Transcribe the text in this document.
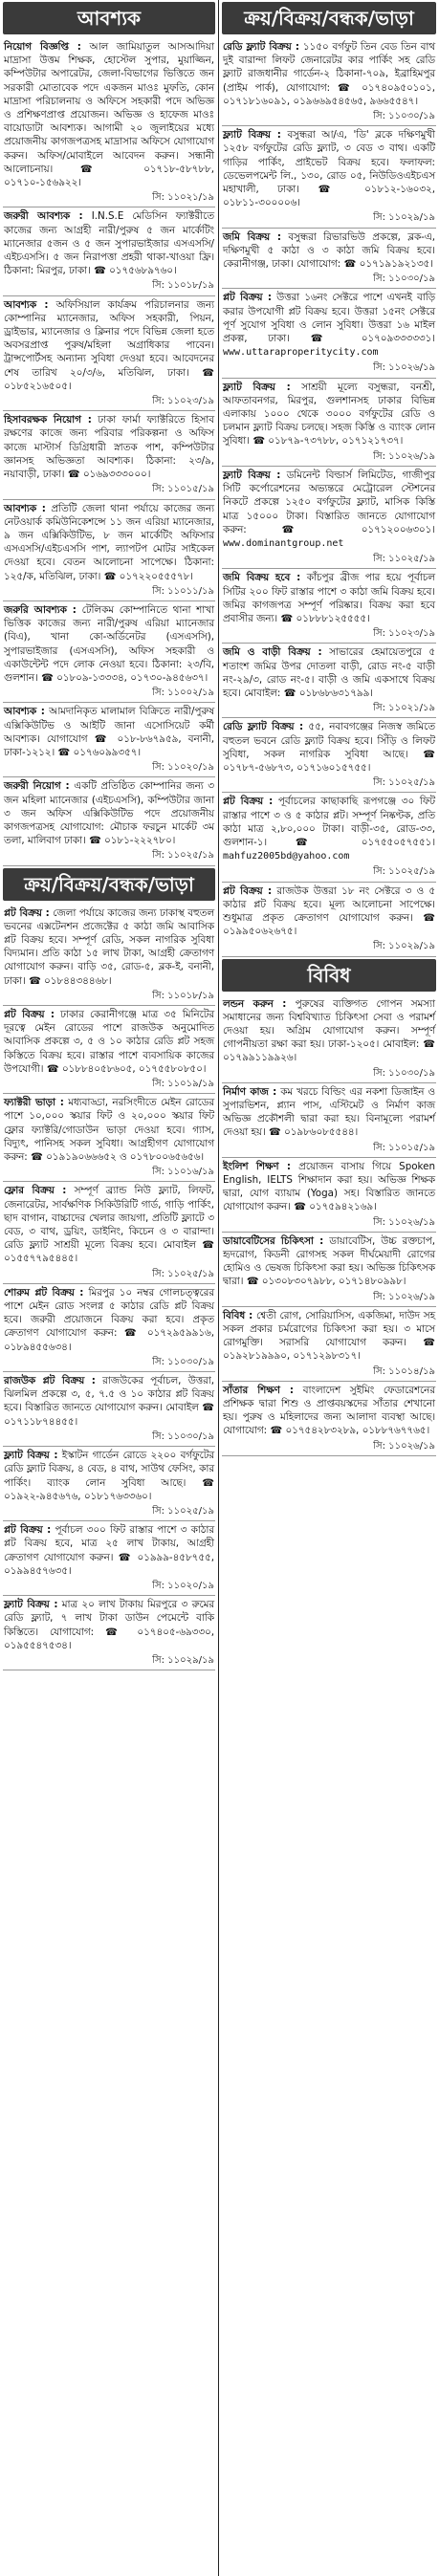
আবশ্যক
নিয়োগ বিজ্ঞপ্তি : আল জামিয়াতুল আসআদিয়া মাদ্রাসা উত্তম শিক্ষক, হোস্টেল সুপার, মুয়াজ্জিন, কম্পিউটার অপারেটর, জেলা-বিভাগের ভিত্তিতে জন সরকারী মোতাবেক পদে একজন মাওঃ মুফতি, কোন মাদ্রাসা পরিচালনায় ও অফিসে সহকারী পদে অভিজ্ঞ ও প্রশিক্ষণপ্রাপ্ত প্রয়োজন। অভিজ্ঞ ও হাফেজ মাওঃ বায়োডাটা আবশ্যক। আগামী ২০ জুলাইয়ের মধ্যে প্রয়োজনীয় কাগজপত্রসহ মাদ্রাসার অফিসে যোগাযোগ করুন। অফিস/মোবাইলে আবেদন করুন। সন্ধানী আলোচনায়। ☎ ০১৭১৮-৫৮৭৮৮, ০১৭১০-১৫৬৯২২।
সি: ১১০২১/১৯
জরুরী আবশ্যক : I.N.S.E মেডিসিন ফ্যাক্টরীতে কাজের জন্য আগ্রহী নারী/পুরুষ ৫ জন মার্কেটিং ম্যানেজার ৫জন ও ৫ জন সুপারভাইজার এসএসসি/এইচএসসি। ৫ জন নিরাপত্তা প্রহরী থাকা-খাওয়া ফ্রি। ঠিকানা: মিরপুর, ঢাকা। ☎ ০১৭৫৬৮৯৭৬০।
সি: ১১০১৮/১৯
আবশ্যক : অফিসিয়াল কার্যক্রম পরিচালনার জন্য কোম্পানির ম্যানেজার, অফিস সহকারী, পিয়ন, ড্রাইভার, ম্যানেজার ও ক্লিনার পদে বিভিন্ন জেলা হতে অবসরপ্রাপ্ত পুরুষ/মহিলা অগ্রাধিকার পাবেন। ট্রান্সপোর্টসহ অন্যান্য সুবিধা দেওয়া হবে। আবেদনের শেষ তারিখ ২০/৩/৬, মতিঝিল, ঢাকা। ☎ ০১৮৫২১৬৫০৫।
সি: ১১০২৩/১৯
হিসাবরক্ষক নিয়োগ : ঢাকা ফার্মা ফ্যাক্টরিতে হিসাব রক্ষণের কাজে জন্য পরিবার পরিকল্পনা ও অফিস কাজে মাস্টার্স ডিগ্রিধারী স্নাতক পাশ, কম্পিউটার জ্ঞানসহ অভিজ্ঞতা আবশ্যক। ঠিকানা: ২৩/৯, নয়াবাড়ী, ঢাকা। ☎ ০১৬৯৩৩৩০০০।
সি: ১১০১৫/১৯
আবশ্যক : প্রতিটি জেলা থানা পর্যায়ে কাজের জন্য নেটওয়ার্ক কমিউনিকেশন্সে ১১ জন এরিয়া ম্যানেজার, ৯ জন এক্সিকিউটিভ, ৮ জন মার্কেটিং অফিসার এসএসসি/এইচএসসি পাশ, ল্যাপটপ মোটর সাইকেল দেওয়া হবে। বেতন আলোচনা সাপেক্ষে। ঠিকানা: ১২৫/ক, মতিঝিল, ঢাকা। ☎ ০১৭২২০৫৫৫৭৮।
সি: ১১০১১/১৯
জরুরি আবশ্যক : টেলিকম কোম্পানিতে থানা শাখা ভিত্তিক কাজের জন্য নারী/পুরুষ এরিয়া ম্যানেজার (বিএ), খানা কো-অর্ডিনেটর (এসএসসি), সুপারভাইজার (এসএসসি), অফিস সহকারী ও একাউন্টেন্ট পদে লোক নেওয়া হবে। ঠিকানা: ২৩/বি, গুলশান। ☎ ০১৮০৯-১৩৩৩৪, ০১৭৩০-৯৪৫৬৩৭।
সি: ১১০০২/১৯
আবশ্যক : আমদানিকৃত মালামাল বিক্রিতে নারী/পুরুষ এক্সিকিউটিভ ও আইটি জানা এসোসিয়েট কর্মী আবশ্যক। যোগাযোগ ☎ ০১৮-৮৬৭৯৫৯, বনানী, ঢাকা-১২১২। ☎ ০১৭৬০৯৯৩৫৭।
সি: ১১০২০/১৯
জরুরী নিয়োগ : একটি প্রতিষ্ঠিত কোম্পানির জন্য ৩ জন মহিলা ম্যানেজার (এইচএসসি), কম্পিউটার জানা ৩ জন অফিস এক্সিকিউটিভ পদে প্রয়োজনীয় কাগজপত্রসহ যোগাযোগ: মৌচাক ফরচুন মার্কেট ৩ম তলা, মালিবাগ ঢাকা। ☎ ০১৮১-২২২৭৮০।
সি: ১১০২৫/১৯
ক্রয়/বিক্রয়/বন্ধক/ভাড়া
প্লট বিক্রয় : জেলা পর্যায়ে কাজের জন্য ঢাকাস্থ বহুতল ভবনের এক্সটেনশন প্রজেক্টের ৫ কাঠা জমি আবাসিক প্লট বিক্রয় হবে। সম্পূর্ণ রেডি, সকল নাগরিক সুবিধা বিদ্যমান। প্রতি কাঠা ১৫ লাখ টাকা, আগ্রহী ক্রেতাগণ যোগাযোগ করুন। বাড়ি ৩৫, রোড-৫, ব্লক-ই, বনানী, ঢাকা। ☎ ০১৮৪৪৩৪৪৬৮।
সি: ১১০১৮/১৯
প্লট বিক্রয় : ঢাকার কেরানীগঞ্জে মাত্র ৩৫ মিনিটের দূরত্বে মেইন রোডের পাশে রাজউক অনুমোদিত আবাসিক প্রকল্পে ৩, ৫ ও ১০ কাঠার রেডি প্লট সহজ কিস্তিতে বিক্রয় হবে। রাস্তার পাশে ব্যবসায়িক কাজের উপযোগী। ☎ ০১৮৮৪০৫৮৬০৫, ০১৭৫৫৮০৮৫০।
সি: ১১০১৯/১৯
ফ্যাক্টরী ভাড়া : মধ্যবাড্ডা, নরসিংদীতে মেইন রোডের পাশে ১০,০০০ স্কয়ার ফিট ও ২০,০০০ স্কয়ার ফিট ফ্লোর ফ্যাক্টরি/গোডাউন ভাড়া দেওয়া হবে। গ্যাস, বিদ্যুৎ, পানিসহ সকল সুবিধা। আগ্রহীগণ যোগাযোগ করুন: ☎ ০১৯১৯০৬৬৬৫২ ও ০১৭৮০০৬৫৬৫৬।
সি: ১১০১৬/১৯
ফ্লোর বিক্রয় : সম্পূর্ণ ব্র্যান্ড নিউ ফ্ল্যাট, লিফট, জেনারেটর, সার্বক্ষণিক সিকিউরিটি গার্ড, গাড়ি পার্কিং, ছাদ বাগান, বাচ্চাদের খেলার জায়গা, প্রতিটি ফ্ল্যাটে ৩ বেড, ৩ বাথ, ড্রয়িং, ডাইনিং, কিচেন ও ৩ বারান্দা। রেডি ফ্ল্যাট সাশ্রয়ী মূল্যে বিক্রয় হবে। মোবাইল ☎ ০১৫৫৭৭৯৫৪৪৫।
সি: ১১০২৫/১৯
শোরুম প্লট বিক্রয় : মিরপুর ১০ নম্বর গোলচত্ত্বরের পাশে মেইন রোড সংলগ্ন ৫ কাঠার রেডি প্লট বিক্রয় হবে। জরুরী প্রয়োজনে বিক্রয় করা হবে। প্রকৃত ক্রেতাগণ যোগাযোগ করুন: ☎ ০১৭২৯৫৯৯১৬, ০১৮৯৪৫৫৬৩৪।
সি: ১১০৩০/১৯
রাজউক প্লট বিক্রয় : রাজউকের পূর্বাচল, উত্তরা, ঝিলমিল প্রকল্পে ৩, ৫, ৭.৫ ও ১০ কাঠার প্লট বিক্রয় হবে। বিস্তারিত জানতে যোগাযোগ করুন। মোবাইল ☎ ০১৭১১৮৭৪৪৫৫।
সি: ১১০৩০/১৯
ফ্ল্যাট বিক্রয় : ইস্কাটন গার্ডেন রোডে ২২০০ বর্গফুটের রেডি ফ্ল্যাট বিক্রয়, ৪ বেড, ৪ বাথ, সাউথ ফেসিং, কার পার্কিং। ব্যাংক লোন সুবিধা আছে। ☎ ০১৯২২-৯৪৫৬৭৬, ০১৮১৭৬৩৩৬০।
সি: ১১০২৫/১৯
প্লট বিক্রয় : পূর্বাচল ৩০০ ফিট রাস্তার পাশে ৩ কাঠার প্লট বিক্রয় হবে, মাত্র ২৫ লাখ টাকায়, আগ্রহী ক্রেতাগণ যোগাযোগ করুন। ☎ ০১৯৯৯-৪৫৮৭৫৫, ০১৯৯৪৫৭৬৩৫।
সি: ১১০২০/১৯
ফ্ল্যাট বিক্রয় : মাত্র ২০ লাখ টাকায় মিরপুরে ৩ রুমের রেডি ফ্ল্যাট, ৭ লাখ টাকা ডাউন পেমেন্টে বাকি কিস্তিতে। যোগাযোগ: ☎ ০১৭৪০৫-৬৯৩৩০, ০১৯৫৫৪৭৫৩৪।
সি: ১১০২৯/১৯
ক্রয়/বিক্রয়/বন্ধক/ভাড়া
রেডি ফ্ল্যাট বিক্রয় : ১১৫০ বর্গফুট তিন বেড তিন বাথ দুই বারান্দা লিফট জেনারেটর কার পার্কিং সহ রেডি ফ্ল্যাট রাজধানীর গার্ডেন-২ ঠিকানা-৭০৯, ইব্রাহিমপুর (প্রাইম পার্ক), যোগাযোগ: ☎ ০১৭৪০৯৫০১০১, ০১৭১৮১৬০৯১, ০১৯৬৬৯৫৪৫৬৫, ৯৬৬৫৫৪৭।
সি: ১১০৩০/১৯
ফ্ল্যাট বিক্রয় : বসুন্ধরা আ/এ, 'ডি' ব্লকে দক্ষিণমুখী ১২৫৮ বর্গফুটের রেডি ফ্ল্যাট, ৩ বেড ৩ বাথ। একটি গাড়ির পার্কিং, প্রাইভেট বিক্রয় হবে। ফলাফল: ডেভেলপমেন্ট লি., ১৩০, রোড ০৫, নিউডিওএইচএস মহাখালী, ঢাকা। ☎ ০১৮১২-১৬০৩২, ০১৮১১-৩০০০০৬।
সি: ১১০২৯/১৯
জমি বিক্রয় : বসুন্ধরা রিভারভিউ প্রকল্পে, ব্লক-এ, দক্ষিণমুখী ৫ কাঠা ও ৩ কাঠা জমি বিক্রয় হবে। কেরানীগঞ্জ, ঢাকা। যোগাযোগ: ☎ ০১৭১৯১৯২১৩৫।
সি: ১১০৩০/১৯
প্লট বিক্রয় : উত্তরা ১৬নং সেক্টরে পাশে এখনই বাড়ি করার উপযোগী প্লট বিক্রয় হবে। উত্তরা ১৫নং সেক্টরে পূর্ণ সুযোগ সুবিধা ও লোন সুবিধা। উত্তরা ১৬ মাইল প্রকল্প, ঢাকা। ☎ ০১৭০৯৩৩৩৩৩১। www.uttaraproperitycity.com
সি: ১১০২৬/১৯
ফ্ল্যাট বিক্রয় : সাশ্রয়ী মূল্যে বসুন্ধরা, বনশ্রী, আফতাবনগর, মিরপুর, গুলশানসহ ঢাকার বিভিন্ন এলাকায় ১০০০ থেকে ৩০০০ বর্গফুটের রেডি ও চলমান ফ্ল্যাট বিক্রয় চলছে। সহজ কিস্তি ও ব্যাংক লোন সুবিধা। ☎ ০১৮৭৯-৭৩৭৮৮, ০১৭১২১৭৩৭।
সি: ১১০২৬/১৯
ফ্ল্যাট বিক্রয় : ডমিনেন্ট বিল্ডার্স লিমিটেড, গাজীপুর সিটি কর্পোরেশনের অভ্যন্তরে মেট্রোরেল স্টেশনের নিকটে প্রকল্পে ১২৫০ বর্গফুটের ফ্ল্যাট, মাসিক কিস্তি মাত্র ১৫০০০ টাকা। বিস্তারিত জানতে যোগাযোগ করুন: ☎ ০১৭১২০০৬৩০১। www.dominantgroup.net
সি: ১১০২৫/১৯
জমি বিক্রয় হবে : কাঁচপুর ব্রীজ পার হয়ে পূর্বাচল সিটির ২০০ ফিট রাস্তার পাশে ৩ কাঠা জমি বিক্রয় হবে। জমির কাগজপত্র সম্পূর্ণ পরিষ্কার। বিক্রয় করা হবে প্রবাসীর জন্য। ☎ ০১৮৮৮১২৫৫৫৫।
সি: ১১০২৩/১৯
জমি ও বাড়ী বিক্রয় : সাভারের হেমায়েতপুরে ৫ শতাংশ জমির উপর দোতলা বাড়ী, রোড নং-৫ বাড়ী নং-২৯/৩, রোড নং-৫। বাড়ী ও জমি একসাথে বিক্রয় হবে। মোবাইল: ☎ ০১৮৬৮৬৩১৭৯৯।
সি: ১১০২১/১৯
রেডি ফ্ল্যাট বিক্রয় : ৫৫, নবাবগঞ্জের নিজস্ব জমিতে বহুতল ভবনে রেডি ফ্ল্যাট বিক্রয় হবে। সিঁড়ি ও লিফট সুবিধা, সকল নাগরিক সুবিধা আছে। ☎ ০১৭৮৭-৫৬৮৭৩, ০১৭১৬০১৫৭৫৫।
সি: ১১০২৫/১৯
প্লট বিক্রয় : পূর্বাচলের কাছাকাছি রূপগঞ্জে ৩০ ফিট রাস্তার পাশে ৩ ও ৫ কাঠার প্লট। সম্পূর্ণ নিষ্কণ্টক, প্রতি কাঠা মাত্র ২,৮০,০০০ টাকা। বাড়ী-৩৫, রোড-৩৩, গুলশান-১। ☎ ০১৭৫৫০৫৭৫৫১। mahfuz2005bd@yahoo.com
সি: ১১০২৫/১৯
প্লট বিক্রয় : রাজউক উত্তরা ১৮ নং সেক্টরে ৩ ও ৫ কাঠার প্লট বিক্রয় হবে। মূল্য আলোচনা সাপেক্ষে। শুধুমাত্র প্রকৃত ক্রেতাগণ যোগাযোগ করুন। ☎ ০১৯৯৫০৬২৬৭৫।
সি: ১১০২৯/১৯
বিবিধ
লন্ডন করুন : পুরুষের ব্যক্তিগত গোপন সমস্যা সমাধানের জন্য বিশ্ববিখ্যাত চিকিৎসা সেবা ও পরামর্শ দেওয়া হয়। অগ্রিম যোগাযোগ করুন। সম্পূর্ণ গোপনীয়তা রক্ষা করা হয়। ঢাকা-১২০৫। মোবাইল: ☎ ০১৭৯৯১১৯৯২৬।
সি: ১১০৩০/১৯
নির্মাণ কাজ : কম খরচে বিল্ডিং এর নকশা ডিজাইন ও সুপারভিশন, প্ল্যান পাস, এস্টিমেট ও নির্মাণ কাজ অভিজ্ঞ প্রকৌশলী দ্বারা করা হয়। বিনামূল্যে পরামর্শ দেওয়া হয়। ☎ ০১৯৮৬০৮৫৫৪৪।
সি: ১১০১৫/১৯
ইংলিশ শিক্ষণ : প্রয়োজন বাসায় গিয়ে Spoken English, IELTS শিক্ষাদান করা হয়। অভিজ্ঞ শিক্ষক দ্বারা, যোগ ব্যায়াম (Yoga) সহ। বিস্তারিত জানতে যোগাযোগ করুন। ☎ ০১৭৫৯৪২১৬৯।
সি: ১১০২৬/১৯
ডায়াবেটিসের চিকিৎসা : ডায়াবেটিস, উচ্চ রক্তচাপ, হৃদরোগ, কিডনী রোগসহ সকল দীর্ঘমেয়াদী রোগের হোমিও ও ভেষজ চিকিৎসা করা হয়। অভিজ্ঞ চিকিৎসক দ্বারা। ☎ ০১৩০৮৩০৭৯৮৮, ০১৭১৪৮০৯৯৮।
সি: ১১০২৬/১৯
বিবিধ : শ্বেতী রোগ, সোরিয়াসিস, একজিমা, দাউদ সহ সকল প্রকার চর্মরোগের চিকিৎসা করা হয়। ৩ মাসে রোগমুক্তি। সরাসরি যোগাযোগ করুন। ☎ ০১৯২৮১৯৯৯০, ০১৭১২৯৮৩১৭।
সি: ১১০১৪/১৯
সাঁতার শিক্ষণ : বাংলাদেশ সুইমিং ফেডারেশনের প্রশিক্ষক দ্বারা শিশু ও প্রাপ্তবয়স্কদের সাঁতার শেখানো হয়। পুরুষ ও মহিলাদের জন্য আলাদা ব্যবস্থা আছে। যোগাযোগ: ☎ ০১৭৫৪২৮৩২৮৯, ০১৮৮৭৬৭৭৬৫।
সি: ১১০২৬/১৯
